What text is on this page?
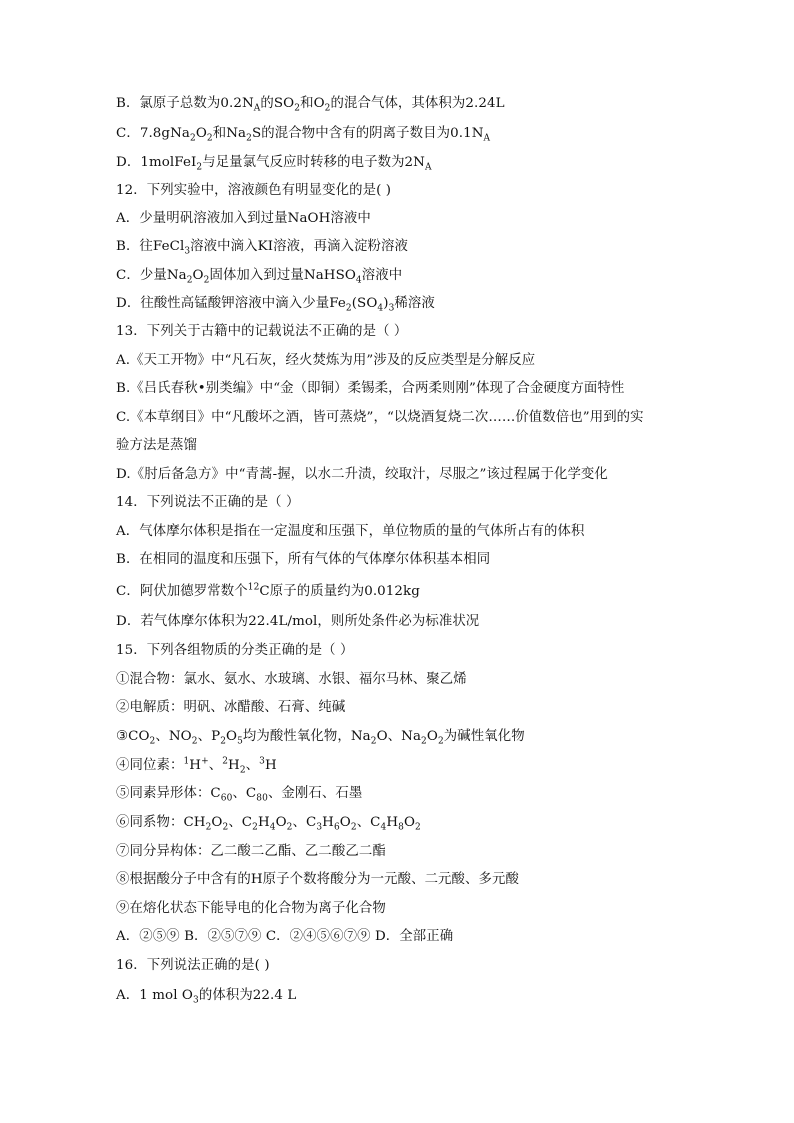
B．氯原子总数为$0.2N_A$的$SO_2$和$O_2$的混合气体，其体积为2.24L
C．$7.8gNa_2O_2$和$Na_2S$的混合物中含有的阴离子数目为$0.1N_A$
D．1molFeI$_2$与足量氯气反应时转移的电子数为$2N_A$
12．下列实验中，溶液颜色有明显变化的是( )
A．少量明矾溶液加入到过量NaOH溶液中
B．往FeCl$_3$溶液中滴入KI溶液，再滴入淀粉溶液
C．少量$Na_2O_2$固体加入到过量NaHSO$_4$溶液中
D．往酸性高锰酸钾溶液中滴入少量$Fe_2(SO_4)_3$稀溶液
13．下列关于古籍中的记载说法不正确的是（ ）
A.《天工开物》中“凡石灰，经火焚炼为用”涉及的反应类型是分解反应
B.《吕氏春秋•别类编》中“金（即铜）柔锡柔，合两柔则刚”体现了合金硬度方面特性
C.《本草纲目》中“凡酸坏之酒，皆可蒸烧”，“以烧酒复烧二次……价值数倍也”用到的实
验方法是蒸馏
D.《肘后备急方》中“青蒿-握，以水二升渍，绞取汁，尽服之”该过程属于化学变化
14．下列说法不正确的是（ ）
A．气体摩尔体积是指在一定温度和压强下，单位物质的量的气体所占有的体积
B．在相同的温度和压强下，所有气体的气体摩尔体积基本相同
C．阿伏加德罗常数个$^{12}$C原子的质量约为0.012kg
D．若气体摩尔体积为22.4L/mol，则所处条件必为标准状况
15．下列各组物质的分类正确的是（ ）
①混合物：氯水、氨水、水玻璃、水银、福尔马林、聚乙烯
②电解质：明矾、冰醋酸、石膏、纯碱
$③CO_2$、$NO_2$、$P_2O_5$均为酸性氧化物，$Na_2O$、$Na_2O_2$为碱性氧化物
④同位素：$^1$H+、$^2H_2$、$^3$H
⑤同素异形体：$C_{60}$、$C_{80}$、金刚石、石墨
⑥同系物：$CH_2O_2$、$C_2H_4O_2$、$C_3H_6O_2$、$C_4H_8O_2$
⑦同分异构体：乙二酸二乙酯、乙二酸乙二酯
⑧根据酸分子中含有的H原子个数将酸分为一元酸、二元酸、多元酸
⑨在熔化状态下能导电的化合物为离子化合物
A．②⑤⑨ B．②⑤⑦⑨ C．②④⑤⑥⑦⑨ D．全部正确
16．下列说法正确的是( )
A．1 mol $O_3$的体积为22.4 L
